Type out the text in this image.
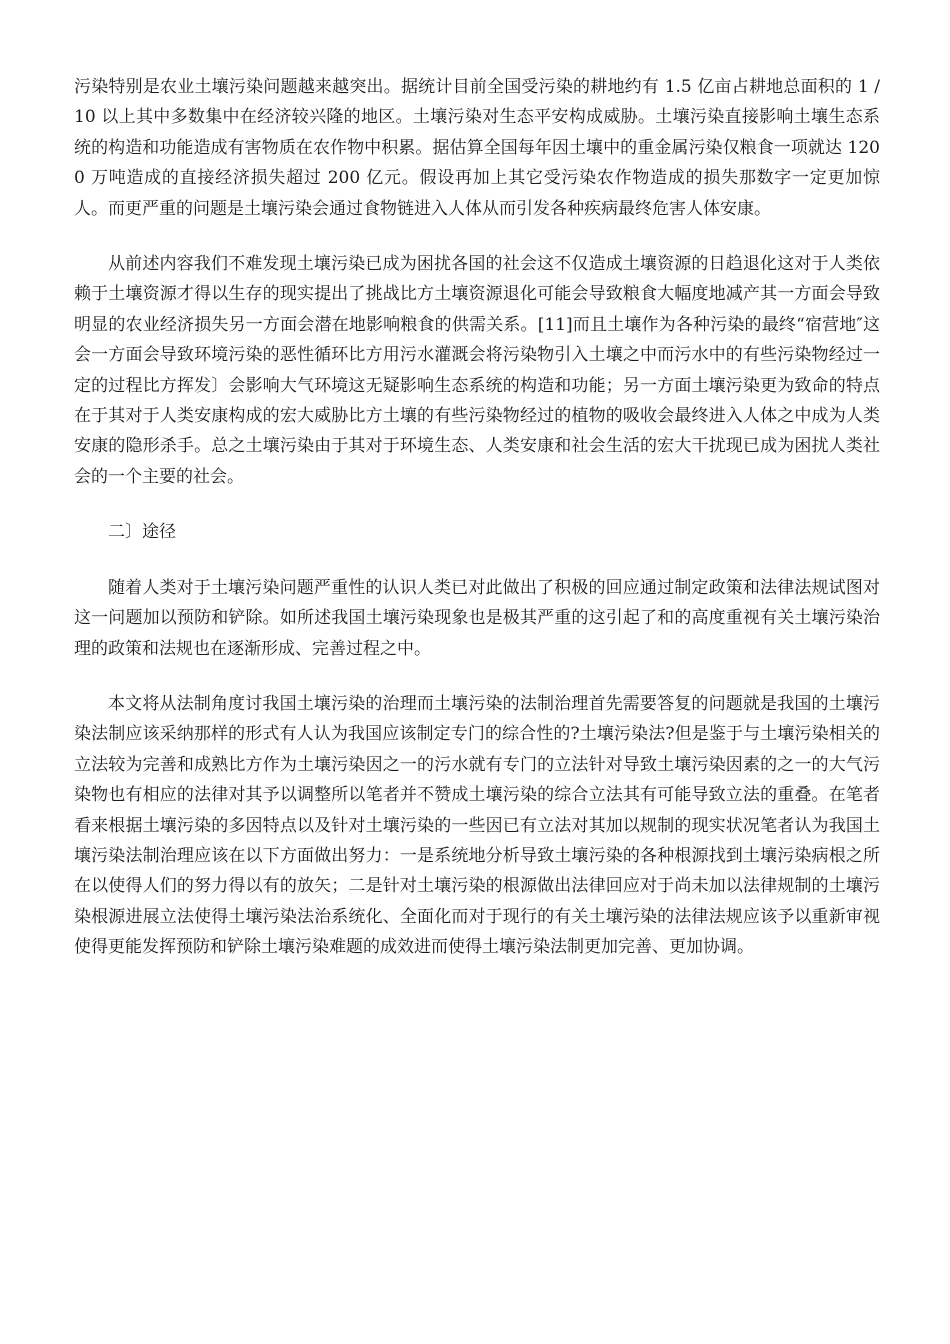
污染特别是农业土壤污染问题越来越突出。据统计目前全国受污染的耕地约有 1.5 亿亩占耕地总面积的 1 / 10 以上其中多数集中在经济较兴隆的地区。土壤污染对生态平安构成威胁。土壤污染直接影响土壤生态系统的构造和功能造成有害物质在农作物中积累。据估算全国每年因土壤中的重金属污染仅粮食一项就达 1200 万吨造成的直接经济损失超过 200 亿元。假设再加上其它受污染农作物造成的损失那数字一定更加惊人。而更严重的问题是土壤污染会通过食物链进入人体从而引发各种疾病最终危害人体安康。

从前述内容我们不难发现土壤污染已成为困扰各国的社会这不仅造成土壤资源的日趋退化这对于人类依赖于土壤资源才得以生存的现实提出了挑战比方土壤资源退化可能会导致粮食大幅度地减产其一方面会导致明显的农业经济损失另一方面会潜在地影响粮食的供需关系。[11]而且土壤作为各种污染的最终“宿营地″这会一方面会导致环境污染的恶性循环比方用污水灌溉会将污染物引入土壤之中而污水中的有些污染物经过一定的过程比方挥发〕会影响大气环境这无疑影响生态系统的构造和功能；另一方面土壤污染更为致命的特点在于其对于人类安康构成的宏大威胁比方土壤的有些污染物经过的植物的吸收会最终进入人体之中成为人类安康的隐形杀手。总之土壤污染由于其对于环境生态、人类安康和社会生活的宏大干扰现已成为困扰人类社会的一个主要的社会。

二〕途径

随着人类对于土壤污染问题严重性的认识人类已对此做出了积极的回应通过制定政策和法律法规试图对这一问题加以预防和铲除。如所述我国土壤污染现象也是极其严重的这引起了和的高度重视有关土壤污染治理的政策和法规也在逐渐形成、完善过程之中。

本文将从法制角度讨我国土壤污染的治理而土壤污染的法制治理首先需要答复的问题就是我国的土壤污染法制应该采纳那样的形式有人认为我国应该制定专门的综合性的?土壤污染法?但是鉴于与土壤污染相关的立法较为完善和成熟比方作为土壤污染因之一的污水就有专门的立法针对导致土壤污染因素的之一的大气污染物也有相应的法律对其予以调整所以笔者并不赞成土壤污染的综合立法其有可能导致立法的重叠。在笔者看来根据土壤污染的多因特点以及针对土壤污染的一些因已有立法对其加以规制的现实状况笔者认为我国土壤污染法制治理应该在以下方面做出努力：一是系统地分析导致土壤污染的各种根源找到土壤污染病根之所在以使得人们的努力得以有的放矢；二是针对土壤污染的根源做出法律回应对于尚未加以法律规制的土壤污染根源进展立法使得土壤污染法治系统化、全面化而对于现行的有关土壤污染的法律法规应该予以重新审视使得更能发挥预防和铲除土壤污染难题的成效进而使得土壤污染法制更加完善、更加协调。
